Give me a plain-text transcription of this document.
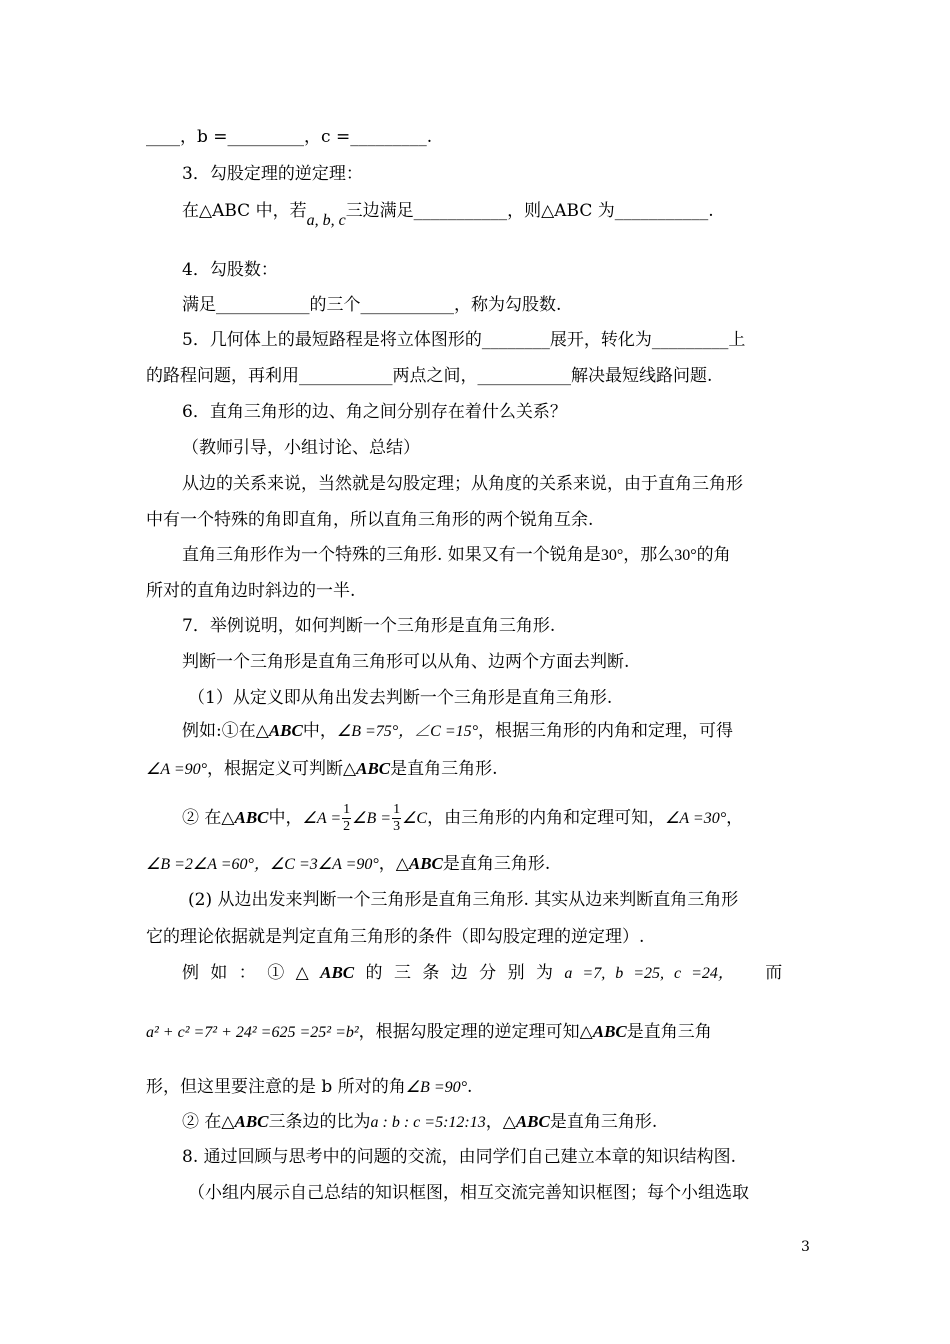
____，b =_________，c =_________.
3．勾股定理的逆定理：
在△ABC 中，若a, b, c三边满足___________，则△ABC 为___________.
4．勾股数：
满足___________的三个___________，称为勾股数.
5．几何体上的最短路程是将立体图形的________展开，转化为_________上
的路程问题，再利用___________两点之间，___________解决最短线路问题.
6．直角三角形的边、角之间分别存在着什么关系？
（教师引导，小组讨论、总结）
从边的关系来说，当然就是勾股定理；从角度的关系来说，由于直角三角形
中有一个特殊的角即直角，所以直角三角形的两个锐角互余.
直角三角形作为一个特殊的三角形. 如果又有一个锐角是30°，那么30°的角
所对的直角边时斜边的一半.
7．举例说明，如何判断一个三角形是直角三角形.
判断一个三角形是直角三角形可以从角、边两个方面去判断.
（1）从定义即从角出发去判断一个三角形是直角三角形.
例如:①在△ABC中，∠B =75°，∠C =15°，根据三角形的内角和定理，可得
∠A =90°，根据定义可判断△ABC是直角三角形.
② 在△ABC中，∠A = $\frac{1}{2}$ ∠B = $\frac{1}{3}$ ∠C，由三角形的内角和定理可知，∠A =30°，
∠B =2∠A =60°，∠C =3∠A =90°，△ABC是直角三角形.
(2) 从边出发来判断一个三角形是直角三角形. 其实从边来判断直角三角形
它的理论依据就是判定直角三角形的条件（即勾股定理的逆定理）.
例 如 ： ① △ ABC 的 三 条 边 分 别 为 a =7, b =25, c =24， 而
a² + c² =7² + 24² =625 =25² =b²，根据勾股定理的逆定理可知△ABC是直角三角
形，但这里要注意的是 b 所对的角∠B =90°.
② 在△ABC三条边的比为a : b : c =5:12:13，△ABC是直角三角形.
8. 通过回顾与思考中的问题的交流，由同学们自己建立本章的知识结构图.
（小组内展示自己总结的知识框图，相互交流完善知识框图；每个小组选取
3
